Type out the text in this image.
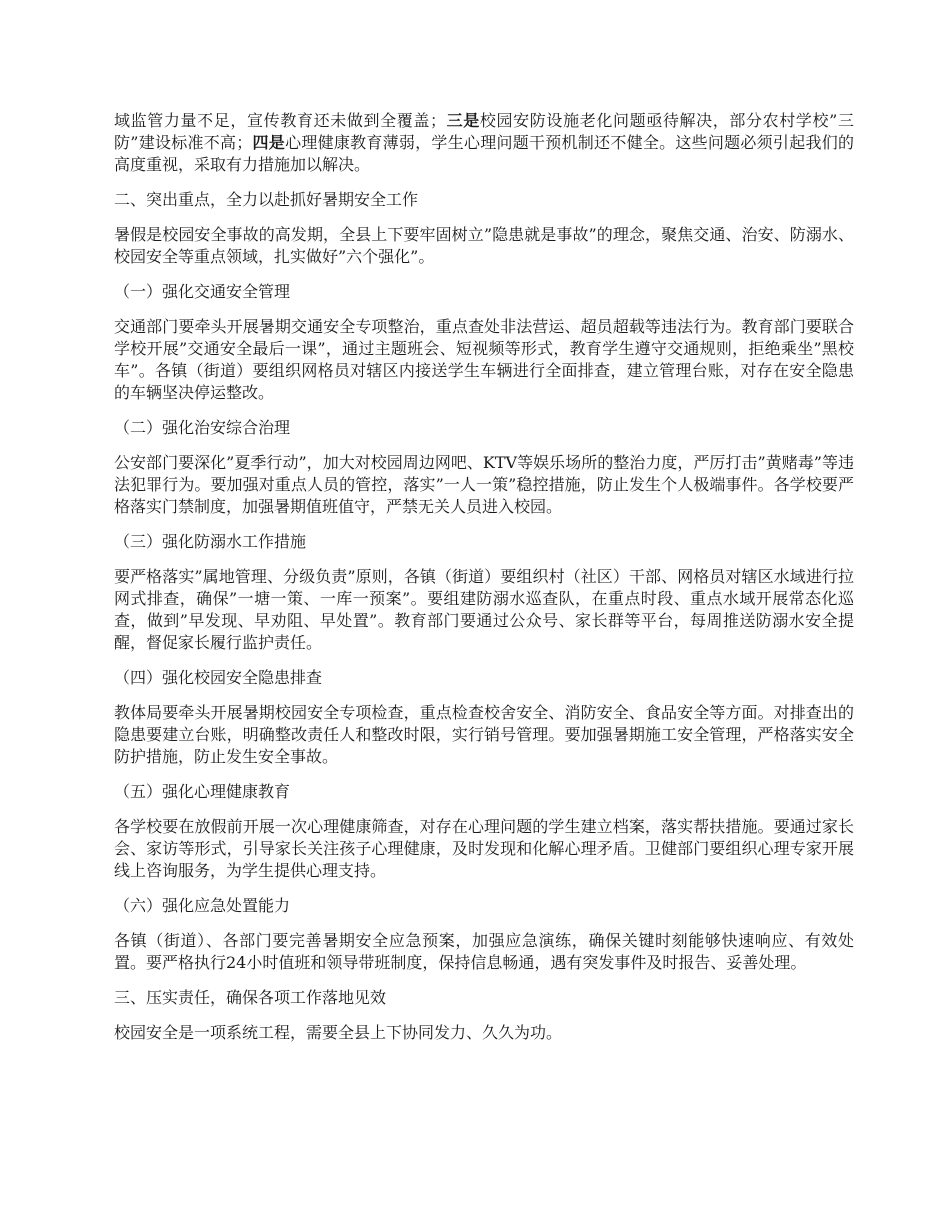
域监管力量不足，宣传教育还未做到全覆盖；三是校园安防设施老化问题亟待解决，部分农村学校”三防”建设标准不高；四是心理健康教育薄弱，学生心理问题干预机制还不健全。这些问题必须引起我们的高度重视，采取有力措施加以解决。

二、突出重点，全力以赴抓好暑期安全工作

暑假是校园安全事故的高发期，全县上下要牢固树立”隐患就是事故”的理念，聚焦交通、治安、防溺水、校园安全等重点领域，扎实做好”六个强化”。

（一）强化交通安全管理

交通部门要牵头开展暑期交通安全专项整治，重点查处非法营运、超员超载等违法行为。教育部门要联合学校开展”交通安全最后一课”，通过主题班会、短视频等形式，教育学生遵守交通规则，拒绝乘坐”黑校车”。各镇（街道）要组织网格员对辖区内接送学生车辆进行全面排查，建立管理台账，对存在安全隐患的车辆坚决停运整改。

（二）强化治安综合治理

公安部门要深化”夏季行动”，加大对校园周边网吧、KTV等娱乐场所的整治力度，严厉打击”黄赌毒”等违法犯罪行为。要加强对重点人员的管控，落实”一人一策”稳控措施，防止发生个人极端事件。各学校要严格落实门禁制度，加强暑期值班值守，严禁无关人员进入校园。

（三）强化防溺水工作措施

要严格落实”属地管理、分级负责”原则，各镇（街道）要组织村（社区）干部、网格员对辖区水域进行拉网式排查，确保”一塘一策、一库一预案”。要组建防溺水巡查队，在重点时段、重点水域开展常态化巡查，做到”早发现、早劝阻、早处置”。教育部门要通过公众号、家长群等平台，每周推送防溺水安全提醒，督促家长履行监护责任。

（四）强化校园安全隐患排查

教体局要牵头开展暑期校园安全专项检查，重点检查校舍安全、消防安全、食品安全等方面。对排查出的隐患要建立台账，明确整改责任人和整改时限，实行销号管理。要加强暑期施工安全管理，严格落实安全防护措施，防止发生安全事故。

（五）强化心理健康教育

各学校要在放假前开展一次心理健康筛查，对存在心理问题的学生建立档案，落实帮扶措施。要通过家长会、家访等形式，引导家长关注孩子心理健康，及时发现和化解心理矛盾。卫健部门要组织心理专家开展线上咨询服务，为学生提供心理支持。

（六）强化应急处置能力

各镇（街道）、各部门要完善暑期安全应急预案，加强应急演练，确保关键时刻能够快速响应、有效处置。要严格执行24小时值班和领导带班制度，保持信息畅通，遇有突发事件及时报告、妥善处理。

三、压实责任，确保各项工作落地见效

校园安全是一项系统工程，需要全县上下协同发力、久久为功。
